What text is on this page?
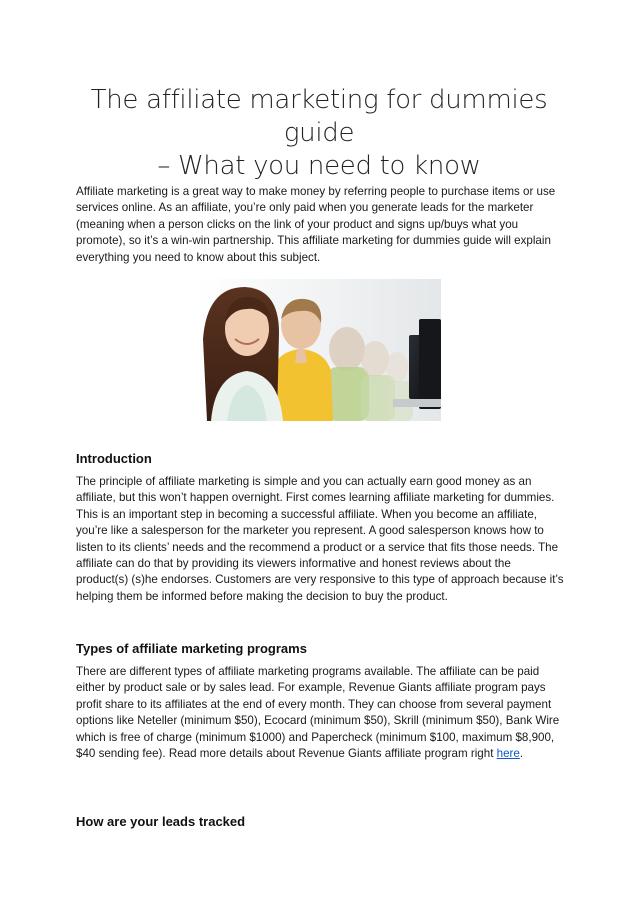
The affiliate marketing for dummies guide
– What you need to know

Affiliate marketing is a great way to make money by referring people to purchase items or use services online. As an affiliate, you’re only paid when you generate leads for the marketer (meaning when a person clicks on the link of your product and signs up/buys what you promote), so it’s a win-win partnership. This affiliate marketing for dummies guide will explain everything you need to know about this subject.

Introduction

The principle of affiliate marketing is simple and you can actually earn good money as an affiliate, but this won’t happen overnight. First comes learning affiliate marketing for dummies. This is an important step in becoming a successful affiliate. When you become an affiliate, you’re like a salesperson for the marketer you represent. A good salesperson knows how to listen to its clients’ needs and the recommend a product or a service that fits those needs. The affiliate can do that by providing its viewers informative and honest reviews about the product(s) (s)he endorses. Customers are very responsive to this type of approach because it’s helping them be informed before making the decision to buy the product.

Types of affiliate marketing programs

There are different types of affiliate marketing programs available. The affiliate can be paid either by product sale or by sales lead. For example, Revenue Giants affiliate program pays profit share to its affiliates at the end of every month. They can choose from several payment options like Neteller (minimum $50), Ecocard (minimum $50), Skrill (minimum $50), Bank Wire which is free of charge (minimum $1000) and Papercheck (minimum $100, maximum $8,900, $40 sending fee). Read more details about Revenue Giants affiliate program right here.

How are your leads tracked
